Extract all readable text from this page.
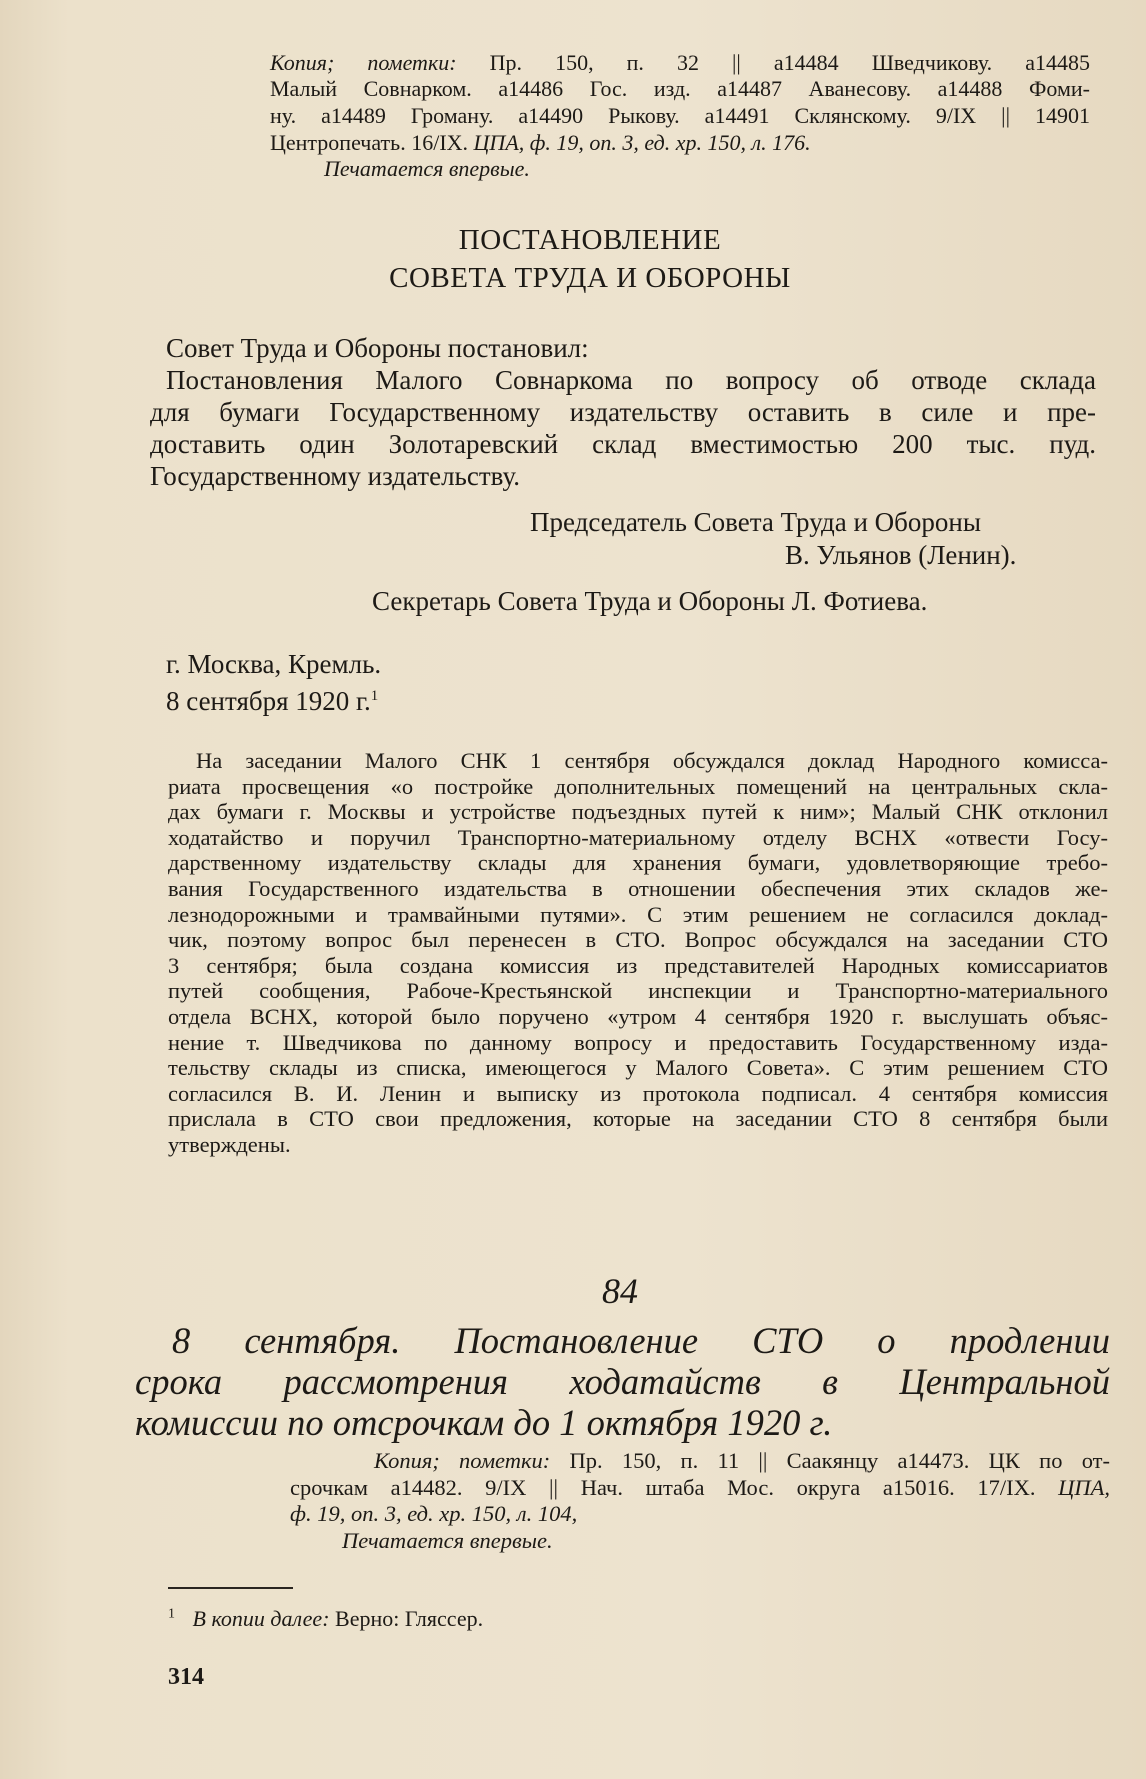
Копия; пометки: Пр. 150, п. 32 || а14484 Шведчикову. а14485
Малый Совнарком. а14486 Гос. изд. а14487 Аванесову. а14488 Фоми-
ну. а14489 Громану. а14490 Рыкову. а14491 Склянскому. 9/IX || 14901
Центропечать. 16/IX. ЦПА, ф. 19, оп. 3, ед. хр. 150, л. 176.
Печатается впервые.
ПОСТАНОВЛЕНИЕ
СОВЕТА ТРУДА И ОБОРОНЫ
Совет Труда и Обороны постановил:
Постановления Малого Совнаркома по вопросу об отводе склада
для бумаги Государственному издательству оставить в силе и пре-
доставить один Золотаревский склад вместимостью 200 тыс. пуд.
Государственному издательству.
Председатель Совета Труда и Обороны
В. Ульянов (Ленин).
Секретарь Совета Труда и Обороны Л. Фотиева.
г. Москва, Кремль.
8 сентября 1920 г.$^1$
На заседании Малого СНК 1 сентября обсуждался доклад Народного комисса-
риата просвещения «о постройке дополнительных помещений на центральных скла-
дах бумаги г. Москвы и устройстве подъездных путей к ним»; Малый СНК отклонил
ходатайство и поручил Транспортно-материальному отделу ВСНХ «отвести Госу-
дарственному издательству склады для хранения бумаги, удовлетворяющие требо-
вания Государственного издательства в отношении обеспечения этих складов же-
лезнодорожными и трамвайными путями». С этим решением не согласился доклад-
чик, поэтому вопрос был перенесен в СТО. Вопрос обсуждался на заседании СТО
3 сентября; была создана комиссия из представителей Народных комиссариатов
путей сообщения, Рабоче-Крестьянской инспекции и Транспортно-материального
отдела ВСНХ, которой было поручено «утром 4 сентября 1920 г. выслушать объяс-
нение т. Шведчикова по данному вопросу и предоставить Государственному изда-
тельству склады из списка, имеющегося у Малого Совета». С этим решением СТО
согласился В. И. Ленин и выписку из протокола подписал. 4 сентября комиссия
прислала в СТО свои предложения, которые на заседании СТО 8 сентября были
утверждены.
84
8 сентября. Постановление СТО о продлении
срока рассмотрения ходатайств в Центральной
комиссии по отсрочкам до 1 октября 1920 г.
Копия; пометки: Пр. 150, п. 11 || Саакянцу а14473. ЦК по от-
срочкам а14482. 9/IX || Нач. штаба Мос. округа а15016. 17/IX. ЦПА,
ф. 19, оп. 3, ед. хр. 150, л. 104,
Печатается впервые.
$^1$ В копии далее: Верно: Гляссер.
314
